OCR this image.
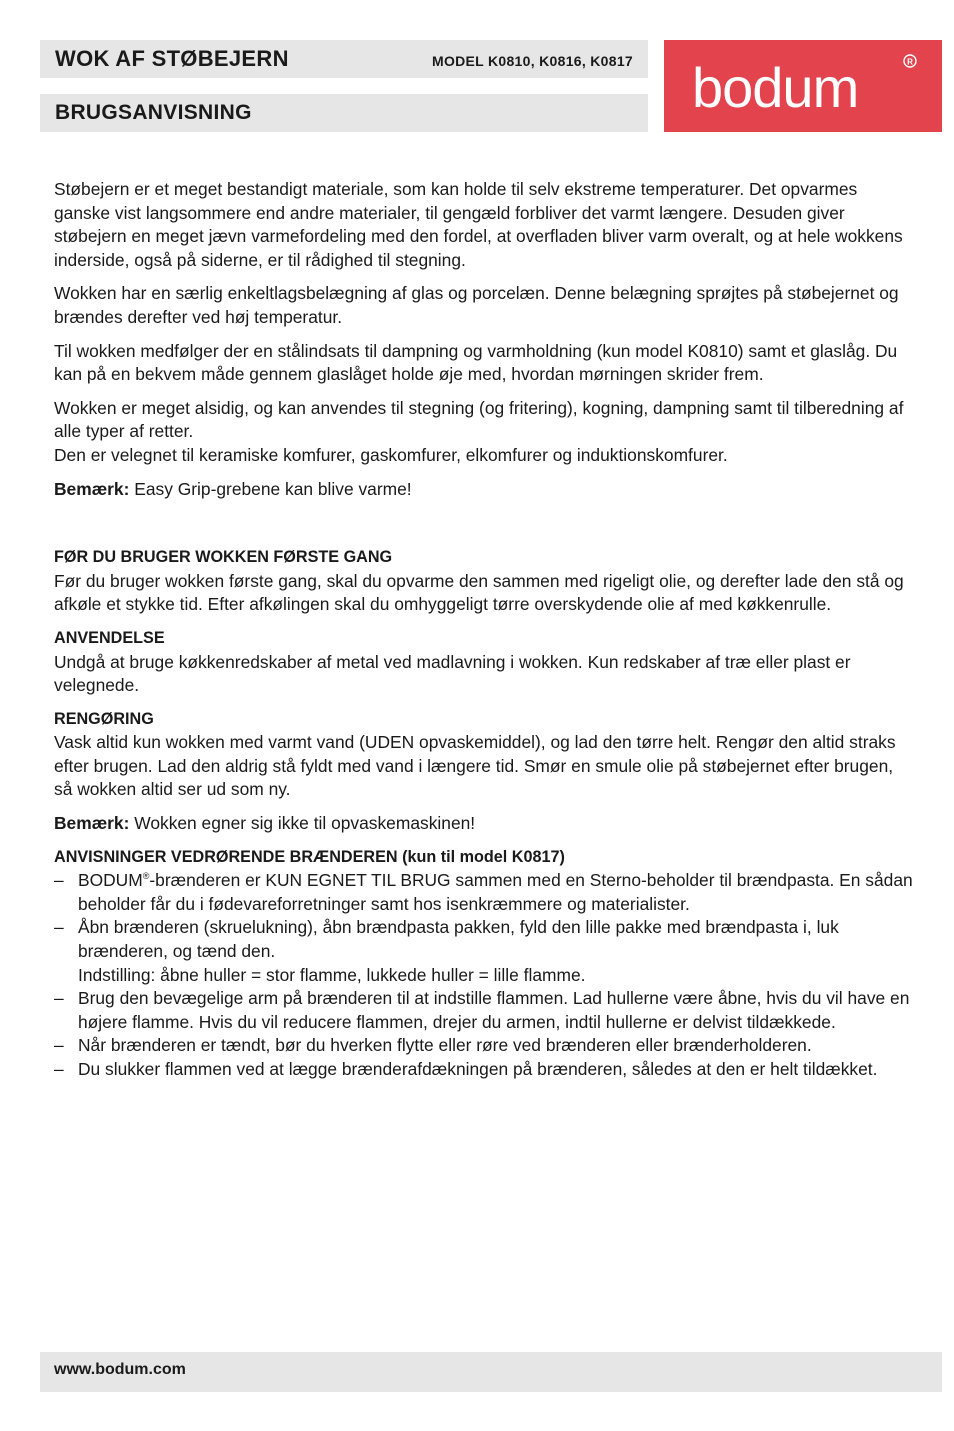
WOK AF STØBEJERN	MODEL K0810, K0816, K0817
BRUGSANVISNING	bodum	R

Støbejern er et meget bestandigt materiale, som kan holde til selv ekstreme temperaturer. Det opvarmes ganske vist langsommere end andre materialer, til gengæld forbliver det varmt længere. Desuden giver støbejern en meget jævn varmefordeling med den fordel, at overfladen bliver varm overalt, og at hele wokkens inderside, også på siderne, er til rådighed til stegning.

Wokken har en særlig enkeltlagsbelægning af glas og porcelæn. Denne belægning sprøjtes på støbejernet og brændes derefter ved høj temperatur.

Til wokken medfølger der en stålindsats til dampning og varmholdning (kun model K0810) samt et glaslåg. Du kan på en bekvem måde gennem glaslåget holde øje med, hvordan mørningen skrider frem.

Wokken er meget alsidig, og kan anvendes til stegning (og fritering), kogning, dampning samt til tilberedning af alle typer af retter.

Den er velegnet til keramiske komfurer, gaskomfurer, elkomfurer og induktionskomfurer.

Bemærk: Easy Grip-grebene kan blive varme!

FØR DU BRUGER WOKKEN FØRSTE GANG

Før du bruger wokken første gang, skal du opvarme den sammen med rigeligt olie, og derefter lade den stå og afkøle et stykke tid. Efter afkølingen skal du omhyggeligt tørre overskydende olie af med køkkenrulle.

ANVENDELSE

Undgå at bruge køkkenredskaber af metal ved madlavning i wokken. Kun redskaber af træ eller plast er velegnede.

RENGØRING

Vask altid kun wokken med varmt vand (UDEN opvaskemiddel), og lad den tørre helt. Rengør den altid straks efter brugen. Lad den aldrig stå fyldt med vand i længere tid. Smør en smule olie på støbejernet efter brugen, så wokken altid ser ud som ny.

Bemærk: Wokken egner sig ikke til opvaskemaskinen!

ANVISNINGER VEDRØRENDE BRÆNDEREN (kun til model K0817)

– BODUM®-brænderen er KUN EGNET TIL BRUG sammen med en Sterno-beholder til brændpasta. En sådan beholder får du i fødevareforretninger samt hos isenkræmmere og materialister.
– Åbn brænderen (skruelukning), åbn brændpasta pakken, fyld den lille pakke med brændpasta i, luk brænderen, og tænd den.
Indstilling: åbne huller = stor flamme, lukkede huller = lille flamme.
– Brug den bevægelige arm på brænderen til at indstille flammen. Lad hullerne være åbne, hvis du vil have en højere flamme. Hvis du vil reducere flammen, drejer du armen, indtil hullerne er delvist tildækkede.
– Når brænderen er tændt, bør du hverken flytte eller røre ved brænderen eller brænderholderen.
– Du slukker flammen ved at lægge brænderafdækningen på brænderen, således at den er helt tildækket.
www.bodum.com
